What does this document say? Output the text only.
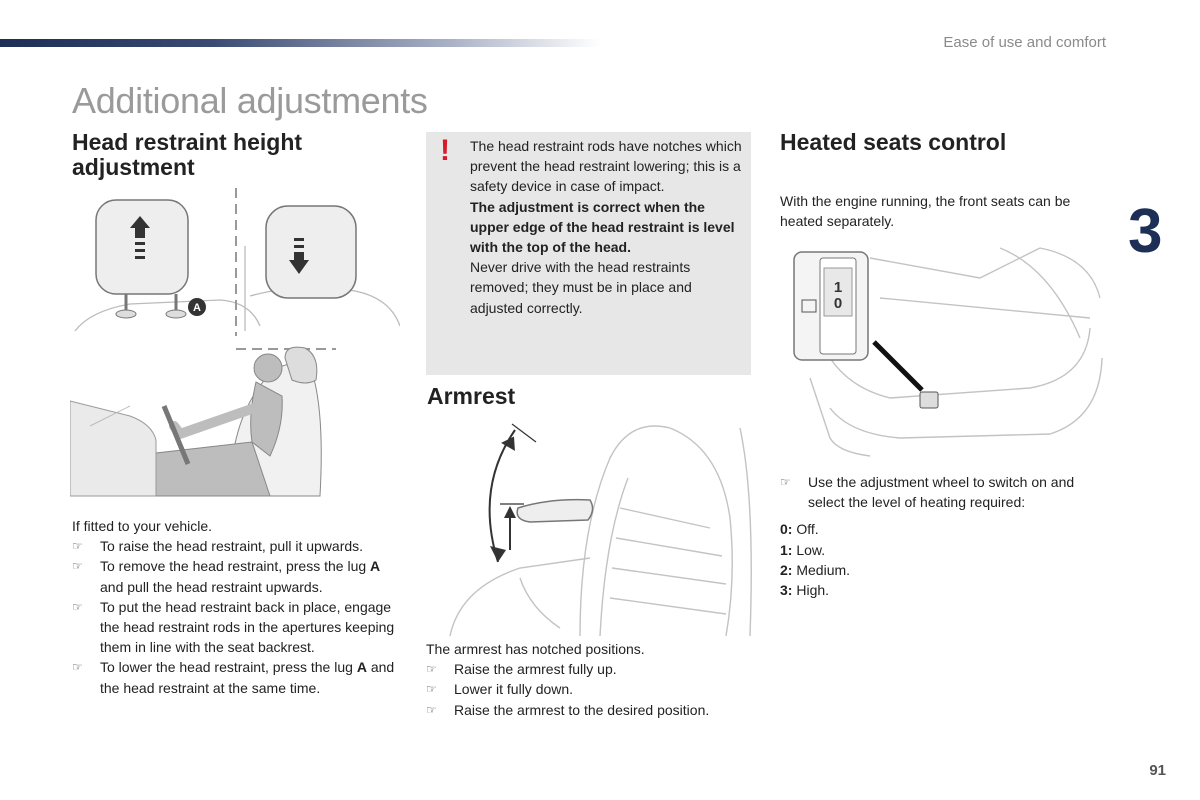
Ease of use and comfort
Additional adjustments
3
Head restraint height adjustment
A

If fitted to your vehicle.

☞ To raise the head restraint, pull it upwards.

☞ To remove the head restraint, press the lug A and pull the head restraint upwards.

☞ To put the head restraint back in place, engage the head restraint rods in the apertures keeping them in line with the seat backrest.

☞ To lower the head restraint, press the lug A and the head restraint at the same time.

! The head restraint rods have notches which prevent the head restraint lowering; this is a safety device in case of impact.

The adjustment is correct when the upper edge of the head restraint is level with the top of the head.

Never drive with the head restraints removed; they must be in place and adjusted correctly.

Armrest

The armrest has notched positions.

☞ Raise the armrest fully up.

☞ Lower it fully down.

☞ Raise the armrest to the desired position.

Heated seats control
With the engine running, the front seats can be heated separately.
1
0

☞ Use the adjustment wheel to switch on and select the level of heating required:

0: Off.

1: Low.

2: Medium.

3: High.

91
